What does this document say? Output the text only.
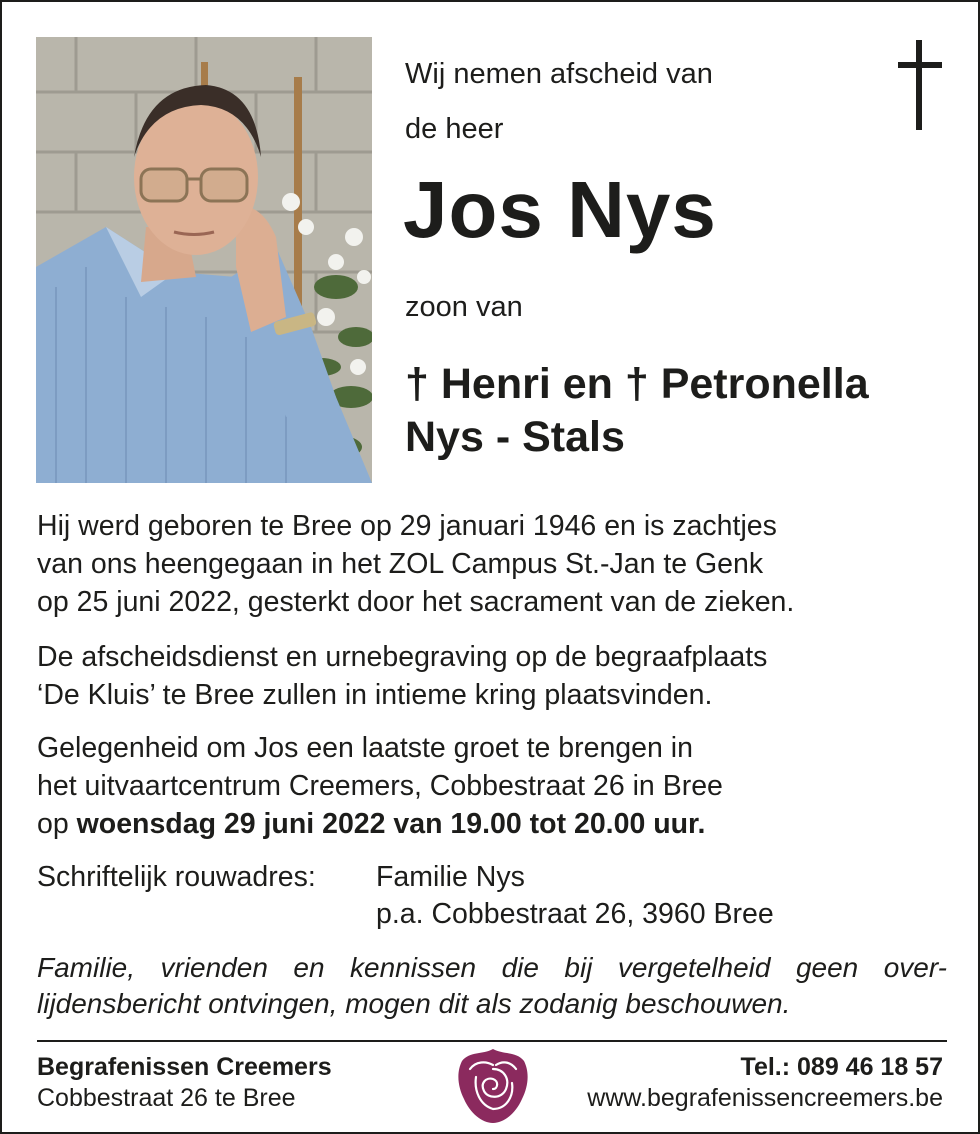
Wij nemen afscheid van
de heer
Jos Nys
zoon van
† Henri en † Petronella
Nys - Stals
Hij werd geboren te Bree op 29 januari 1946 en is zachtjes
van ons heengegaan in het ZOL Campus St.-Jan te Genk
op 25 juni 2022, gesterkt door het sacrament van de zieken.
De afscheidsdienst en urnebegraving op de begraafplaats
‘De Kluis’ te Bree zullen in intieme kring plaatsvinden.
Gelegenheid om Jos een laatste groet te brengen in
het uitvaartcentrum Creemers, Cobbestraat 26 in Bree
op woensdag 29 juni 2022 van 19.00 tot 20.00 uur.
Schriftelijk rouwadres: Familie Nys
p.a. Cobbestraat 26, 3960 Bree
Familie, vrienden en kennissen die bij vergetelheid geen over-
lijdensbericht ontvingen, mogen dit als zodanig beschouwen.
Begrafenissen Creemers
Cobbestraat 26 te Bree
Tel.: 089 46 18 57
www.begrafenissencreemers.be
